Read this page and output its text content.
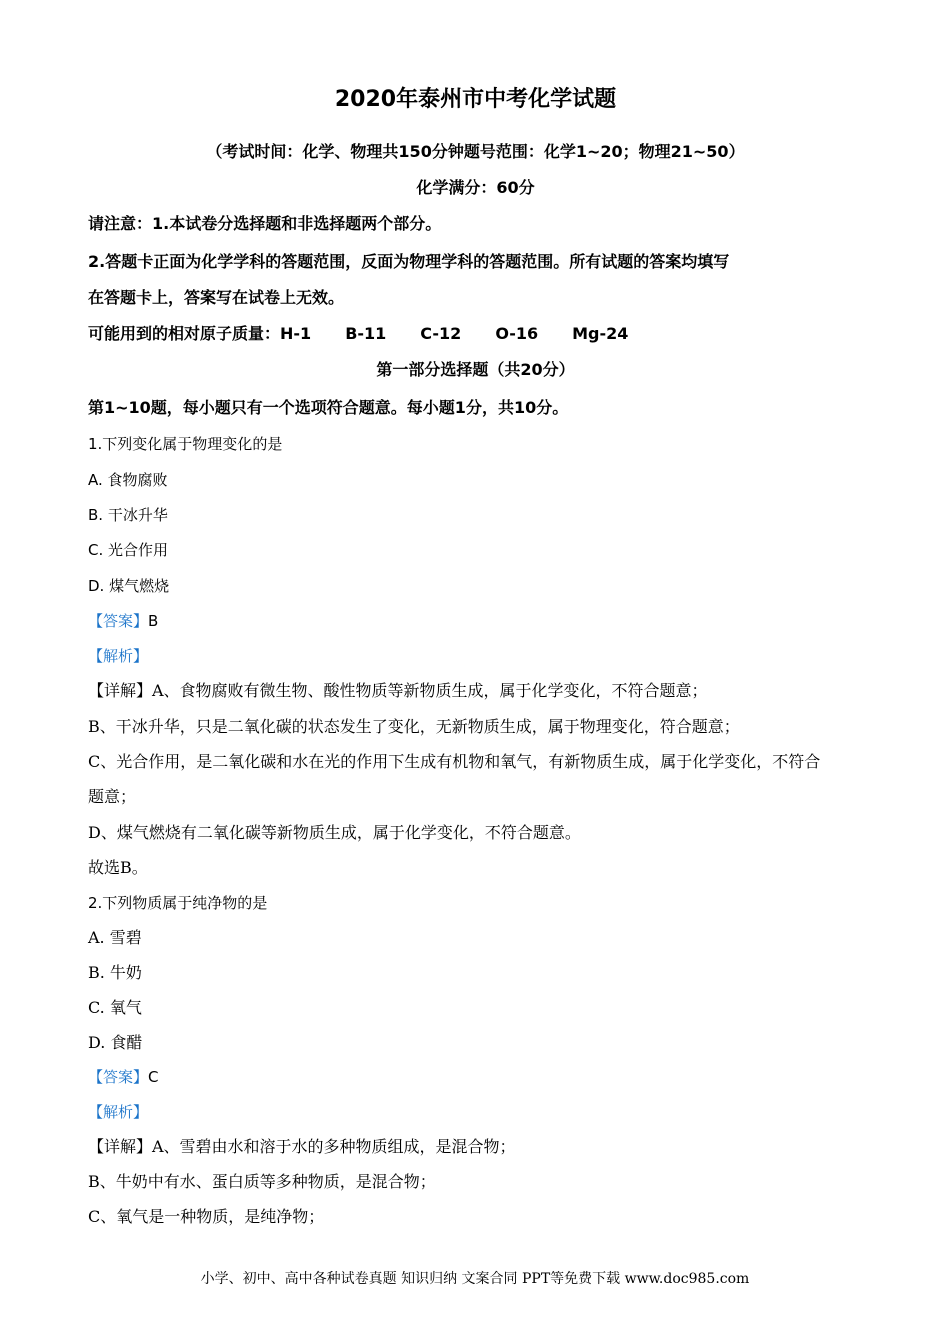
2020年泰州市中考化学试题
（考试时间：化学、物理共150分钟题号范围：化学1~20；物理21~50）
化学满分：60分
请注意：1.本试卷分选择题和非选择题两个部分。
2.答题卡正面为化学学科的答题范围，反面为物理学科的答题范围。所有试题的答案均填写
在答题卡上，答案写在试卷上无效。
可能用到的相对原子质量：H-1 B-11 C-12 O-16 Mg-24
第一部分选择题（共20分）
第1~10题，每小题只有一个选项符合题意。每小题1分，共10分。
1.下列变化属于物理变化的是
A. 食物腐败
B. 干冰升华
C. 光合作用
D. 煤气燃烧
【答案】B
【解析】
【详解】A、食物腐败有微生物、酸性物质等新物质生成，属于化学变化，不符合题意；
B、干冰升华，只是二氧化碳的状态发生了变化，无新物质生成，属于物理变化，符合题意；
C、光合作用，是二氧化碳和水在光的作用下生成有机物和氧气，有新物质生成，属于化学变化，不符合
题意；
D、煤气燃烧有二氧化碳等新物质生成，属于化学变化，不符合题意。
故选B。
2.下列物质属于纯净物的是
A. 雪碧
B. 牛奶
C. 氧气
D. 食醋
【答案】C
【解析】
【详解】A、雪碧由水和溶于水的多种物质组成，是混合物；
B、牛奶中有水、蛋白质等多种物质，是混合物；
C、氧气是一种物质，是纯净物；
小学、初中、高中各种试卷真题 知识归纳 文案合同 PPT等免费下载 www.doc985.com
